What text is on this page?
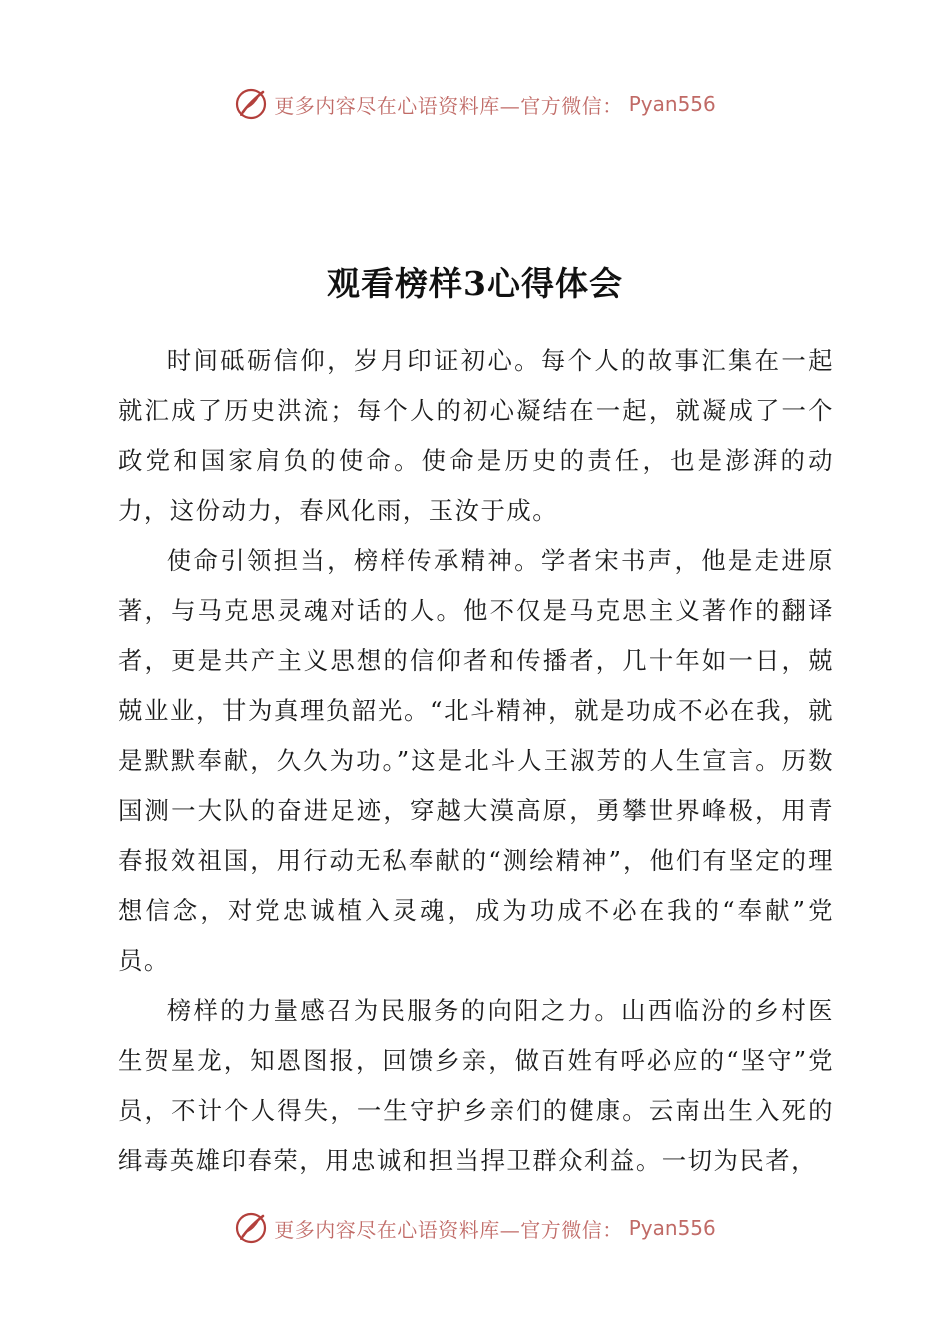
更多内容尽在心语资料库—官方微信： Pyan556
观看榜样3心得体会

时间砥砺信仰，岁月印证初心。每个人的故事汇集在一起就汇成了历史洪流；每个人的初心凝结在一起，就凝成了一个政党和国家肩负的使命。使命是历史的责任，也是澎湃的动力，这份动力，春风化雨，玉汝于成。

使命引领担当，榜样传承精神。学者宋书声，他是走进原著，与马克思灵魂对话的人。他不仅是马克思主义著作的翻译者，更是共产主义思想的信仰者和传播者，几十年如一日，兢兢业业，甘为真理负韶光。“北斗精神，就是功成不必在我，就是默默奉献，久久为功。”这是北斗人王淑芳的人生宣言。历数国测一大队的奋进足迹，穿越大漠高原，勇攀世界峰极，用青春报效祖国，用行动无私奉献的“测绘精神”，他们有坚定的理想信念，对党忠诚植入灵魂，成为功成不必在我的“奉献”党员。

榜样的力量感召为民服务的向阳之力。山西临汾的乡村医生贺星龙，知恩图报，回馈乡亲，做百姓有呼必应的“坚守”党员，不计个人得失，一生守护乡亲们的健康。云南出生入死的缉毒英雄印春荣，用忠诚和担当捍卫群众利益。一切为民者，

更多内容尽在心语资料库—官方微信： Pyan556
